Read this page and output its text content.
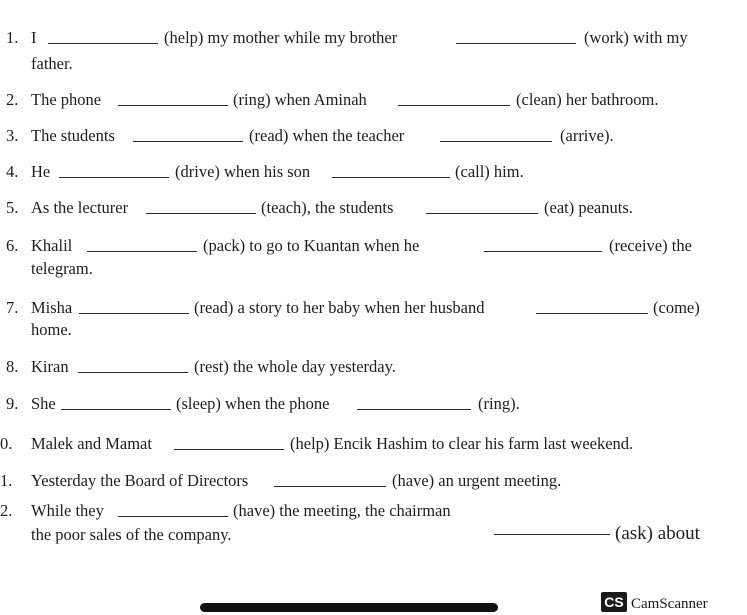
1. I	(help) my mother while my brother	(work) with my
father.
2. The phone	(ring) when Aminah	(clean) her bathroom.
3. The students	(read) when the teacher	(arrive).
4. He	(drive) when his son	(call) him.
5. As the lecturer	(teach), the students	(eat) peanuts.
6. Khalil	(pack) to go to Kuantan when he	(receive) the
telegram.
7. Misha	(read) a story to her baby when her husband	(come)
home.
8. Kiran	(rest) the whole day yesterday.
9. She	(sleep) when the phone	(ring).
0. Malek and Mamat	(help) Encik Hashim to clear his farm last weekend.
1. Yesterday the Board of Directors	(have) an urgent meeting.
2. While they	(have) the meeting, the chairman
(ask) about
the poor sales of the company.
CS CamScanner
